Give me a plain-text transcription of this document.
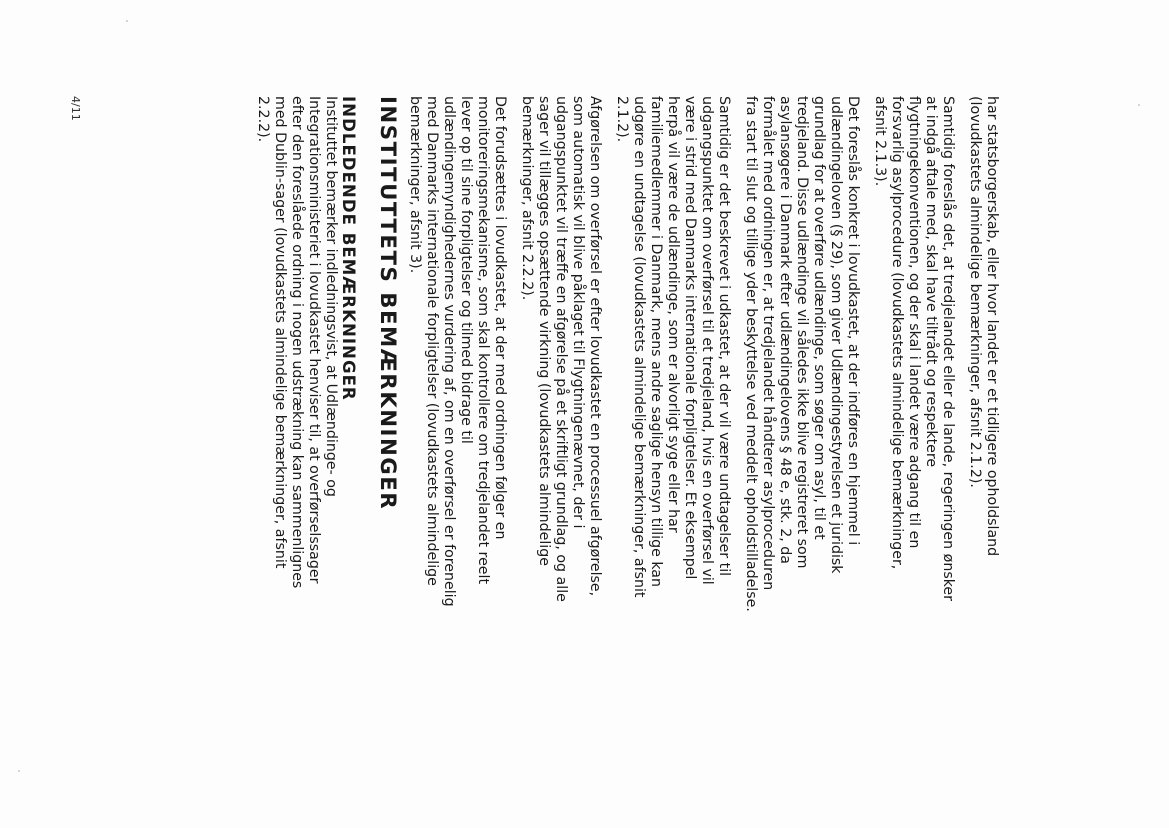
har statsborgerskab, eller hvor landet er et tidligere opholdsland
(lovudkastets almindelige bemærkninger, afsnit 2.1.2).

Samtidig foreslås det, at tredjelandet eller de lande, regeringen ønsker
at indgå aftale med, skal have tiltrådt og respektere
flygtningekonventionen, og der skal i landet være adgang til en
forsvarlig asylprocedure (lovudkastets almindelige bemærkninger,
afsnit 2.1.3).

Det foreslås konkret i lovudkastet, at der indføres en hjemmel i
udlændingeloven (§ 29), som giver Udlændingestyrelsen et juridisk
grundlag for at overføre udlændinge, som søger om asyl, til et
tredjeland. Disse udlændinge vil således ikke blive registreret som
asylansøgere i Danmark efter udlændingelovens § 48 e, stk. 2, da
formålet med ordningen er, at tredjelandet håndterer asylproceduren
fra start til slut og tillige yder beskyttelse ved meddelt opholdstilladelse.

Samtidig er det beskrevet i udkastet, at der vil være undtagelser til
udgangspunktet om overførsel til et tredjeland, hvis en overførsel vil
være i strid med Danmarks internationale forpligtelser. Et eksempel
herpå vil være de udlændinge, som er alvorligt syge eller har
familiemedlemmer i Danmark, mens andre saglige hensyn tillige kan
udgøre en undtagelse (lovudkastets almindelige bemærkninger, afsnit
2.1.2).

Afgørelsen om overførsel er efter lovudkastet en processuel afgørelse,
som automatisk vil blive påklaget til Flygtningenævnet, der i
udgangspunktet vil træffe en afgørelse på et skriftligt grundlag, og alle
sager vil tillægges opsættende virkning (lovudkastets almindelige
bemærkninger, afsnit 2.2.2).

Det forudsættes i lovudkastet, at der med ordningen følger en
monitoreringsmekanisme, som skal kontrollere om tredjelandet reelt
lever op til sine forpligtelser og tilmed bidrage til
udlændingemyndighedernes vurdering af, om en overførsel er forenelig
med Danmarks internationale forpligtelser (lovudkastets almindelige
bemærkninger, afsnit 3).

INSTITUTTETS BEMÆRKNINGER
INDLEDENDE BEMÆRKNINGER

Instituttet bemærker indledningsvist, at Udlændinge- og
Integrationsministeriet i lovudkastet henviser til, at overførselssager
efter den foreslåede ordning i nogen udstrækning kan sammenlignes
med Dublin-sager (lovudkastets almindelige bemærkninger, afsnit
2.2.2).

4/11
